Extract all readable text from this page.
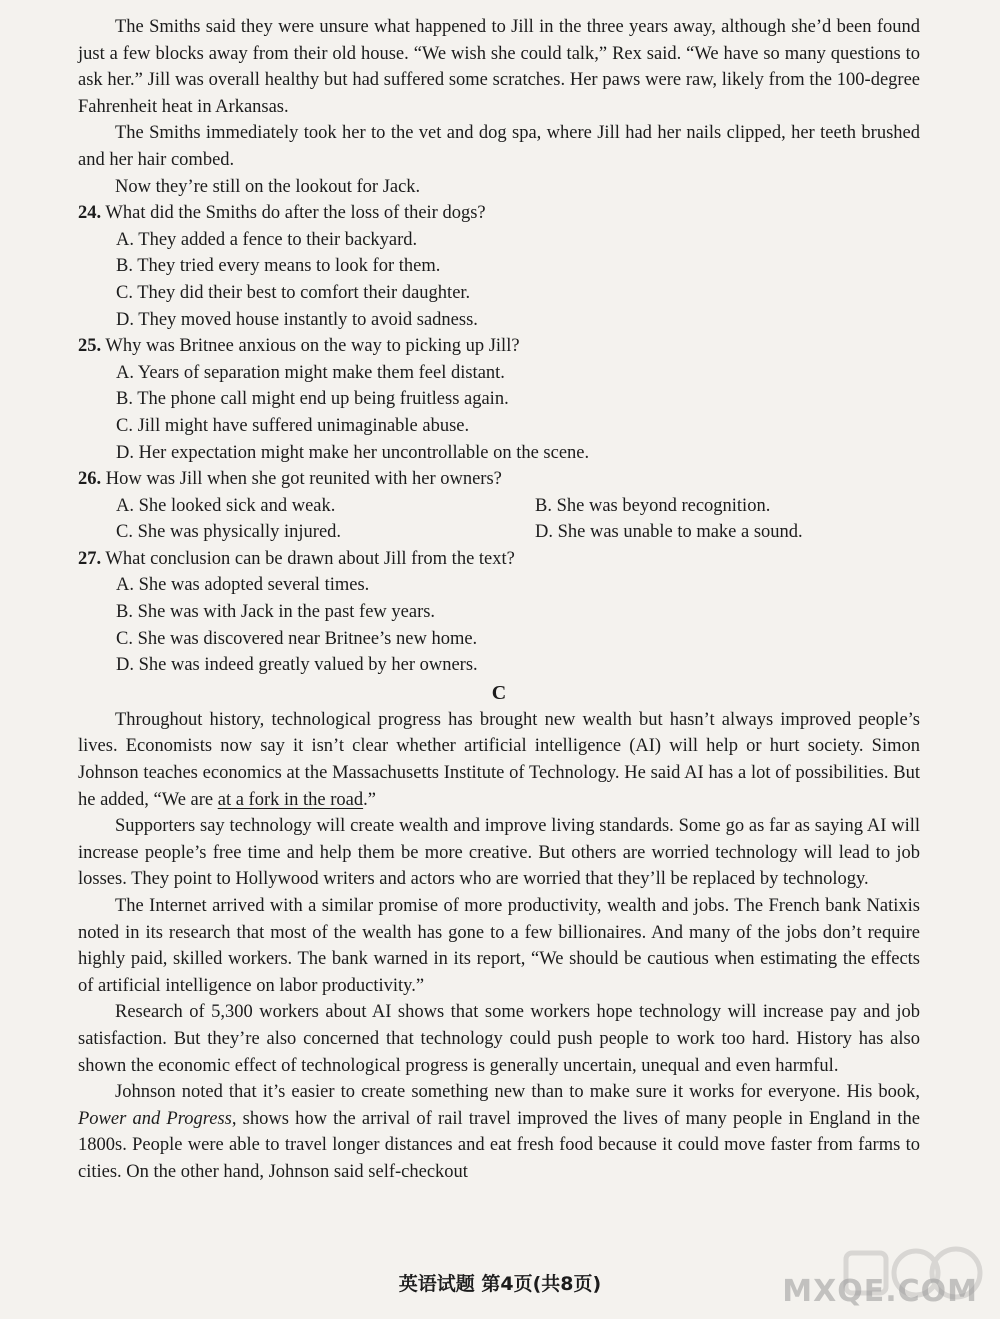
The Smiths said they were unsure what happened to Jill in the three years away, although she’d been found just a few blocks away from their old house. “We wish she could talk,” Rex said. “We have so many questions to ask her.” Jill was overall healthy but had suffered some scratches. Her paws were raw, likely from the 100-degree Fahrenheit heat in Arkansas.

The Smiths immediately took her to the vet and dog spa, where Jill had her nails clipped, her teeth brushed and her hair combed.

Now they’re still on the lookout for Jack.

24. What did the Smiths do after the loss of their dogs?

A. They added a fence to their backyard.
B. They tried every means to look for them.
C. They did their best to comfort their daughter.
D. They moved house instantly to avoid sadness.

25. Why was Britnee anxious on the way to picking up Jill?

A. Years of separation might make them feel distant.
B. The phone call might end up being fruitless again.
C. Jill might have suffered unimaginable abuse.
D. Her expectation might make her uncontrollable on the scene.

26. How was Jill when she got reunited with her owners?

A. She looked sick and weak.	B. She was beyond recognition.
C. She was physically injured.	D. She was unable to make a sound.

27. What conclusion can be drawn about Jill from the text?

A. She was adopted several times.
B. She was with Jack in the past few years.
C. She was discovered near Britnee’s new home.
D. She was indeed greatly valued by her owners.

C

Throughout history, technological progress has brought new wealth but hasn’t always improved people’s lives. Economists now say it isn’t clear whether artificial intelligence (AI) will help or hurt society. Simon Johnson teaches economics at the Massachusetts Institute of Technology. He said AI has a lot of possibilities. But he added, “We are at a fork in the road.”

Supporters say technology will create wealth and improve living standards. Some go as far as saying AI will increase people’s free time and help them be more creative. But others are worried technology will lead to job losses. They point to Hollywood writers and actors who are worried that they’ll be replaced by technology.

The Internet arrived with a similar promise of more productivity, wealth and jobs. The French bank Natixis noted in its research that most of the wealth has gone to a few billionaires. And many of the jobs don’t require highly paid, skilled workers. The bank warned in its report, “We should be cautious when estimating the effects of artificial intelligence on labor productivity.”

Research of 5,300 workers about AI shows that some workers hope technology will increase pay and job satisfaction. But they’re also concerned that technology could push people to work too hard. History has also shown the economic effect of technological progress is generally uncertain, unequal and even harmful.

Johnson noted that it’s easier to create something new than to make sure it works for everyone. His book, Power and Progress, shows how the arrival of rail travel improved the lives of many people in England in the 1800s. People were able to travel longer distances and eat fresh food because it could move faster from farms to cities. On the other hand, Johnson said self-checkout

英语试题 第4页(共8页)	MXQE.COM
